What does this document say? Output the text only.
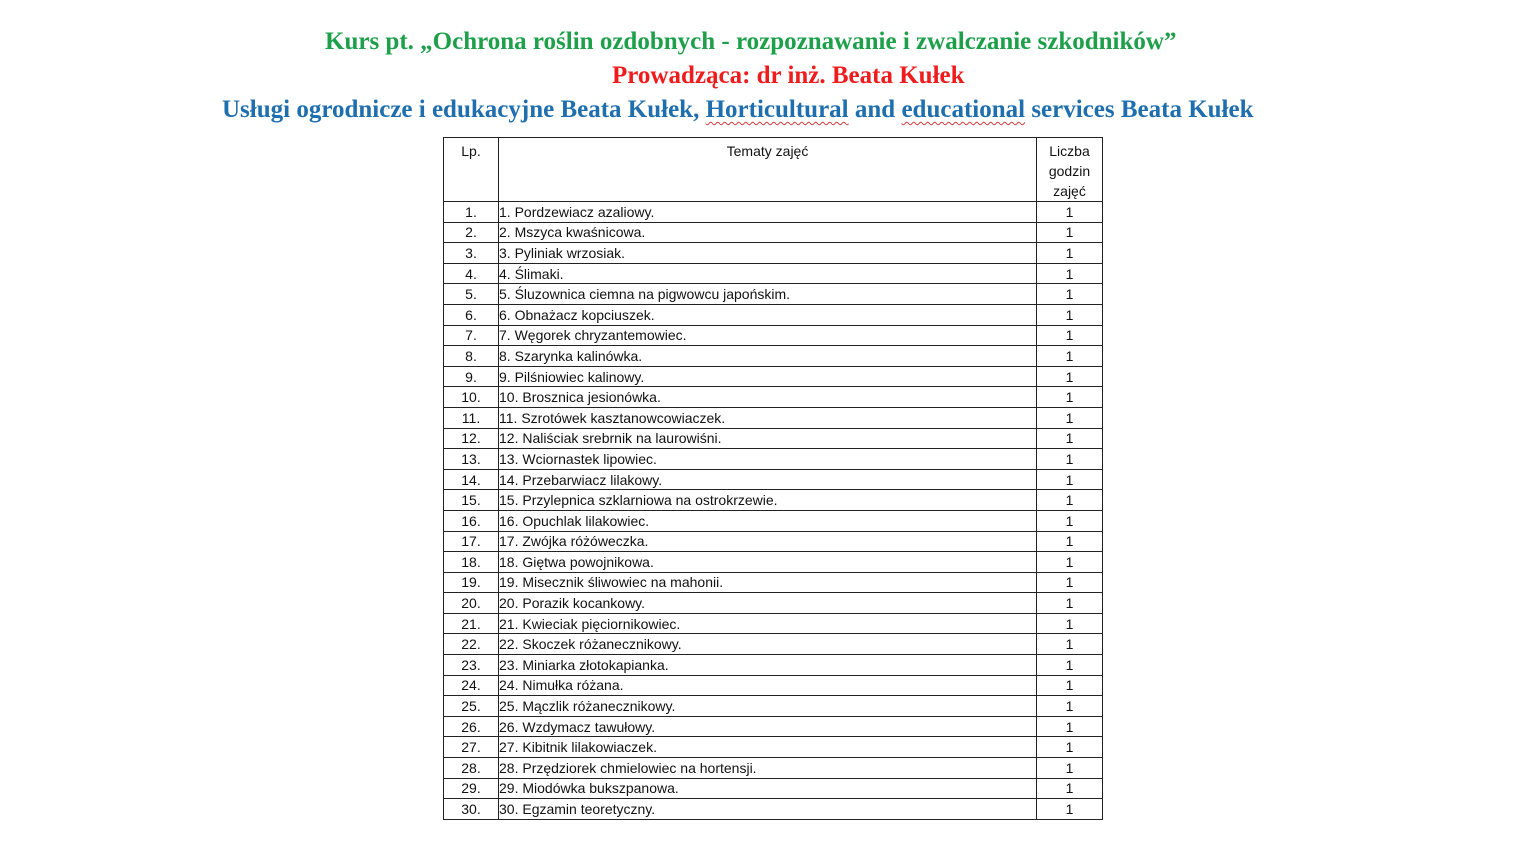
Kurs pt. „Ochrona roślin ozdobnych - rozpoznawanie i zwalczanie szkodników”
Prowadząca: dr inż. Beata Kułek
Usługi ogrodnicze i edukacyjne Beata Kułek, Horticultural and educational services Beata Kułek
Lp.	Tematy zajęć	Liczba
godzin
zajęć
1.	1. Pordzewiacz azaliowy.	1
2.	2. Mszyca kwaśnicowa.	1
3.	3. Pyliniak wrzosiak.	1
4.	4. Ślimaki.	1
5.	5. Śluzownica ciemna na pigwowcu japońskim.	1
6.	6. Obnażacz kopciuszek.	1
7.	7. Węgorek chryzantemowiec.	1
8.	8. Szarynka kalinówka.	1
9.	9. Pilśniowiec kalinowy.	1
10.	10. Brosznica jesionówka.	1
11.	11. Szrotówek kasztanowcowiaczek.	1
12.	12. Naliściak srebrnik na laurowiśni.	1
13.	13. Wciornastek lipowiec.	1
14.	14. Przebarwiacz lilakowy.	1
15.	15. Przylepnica szklarniowa na ostrokrzewie.	1
16.	16. Opuchlak lilakowiec.	1
17.	17. Zwójka różóweczka.	1
18.	18. Giętwa powojnikowa.	1
19.	19. Misecznik śliwowiec na mahonii.	1
20.	20. Porazik kocankowy.	1
21.	21. Kwieciak pięciornikowiec.	1
22.	22. Skoczek różanecznikowy.	1
23.	23. Miniarka złotokapianka.	1
24.	24. Nimułka różana.	1
25.	25. Mączlik różanecznikowy.	1
26.	26. Wzdymacz tawułowy.	1
27.	27. Kibitnik lilakowiaczek.	1
28.	28. Przędziorek chmielowiec na hortensji.	1
29.	29. Miodówka bukszpanowa.	1
30.	30. Egzamin teoretyczny.	1
